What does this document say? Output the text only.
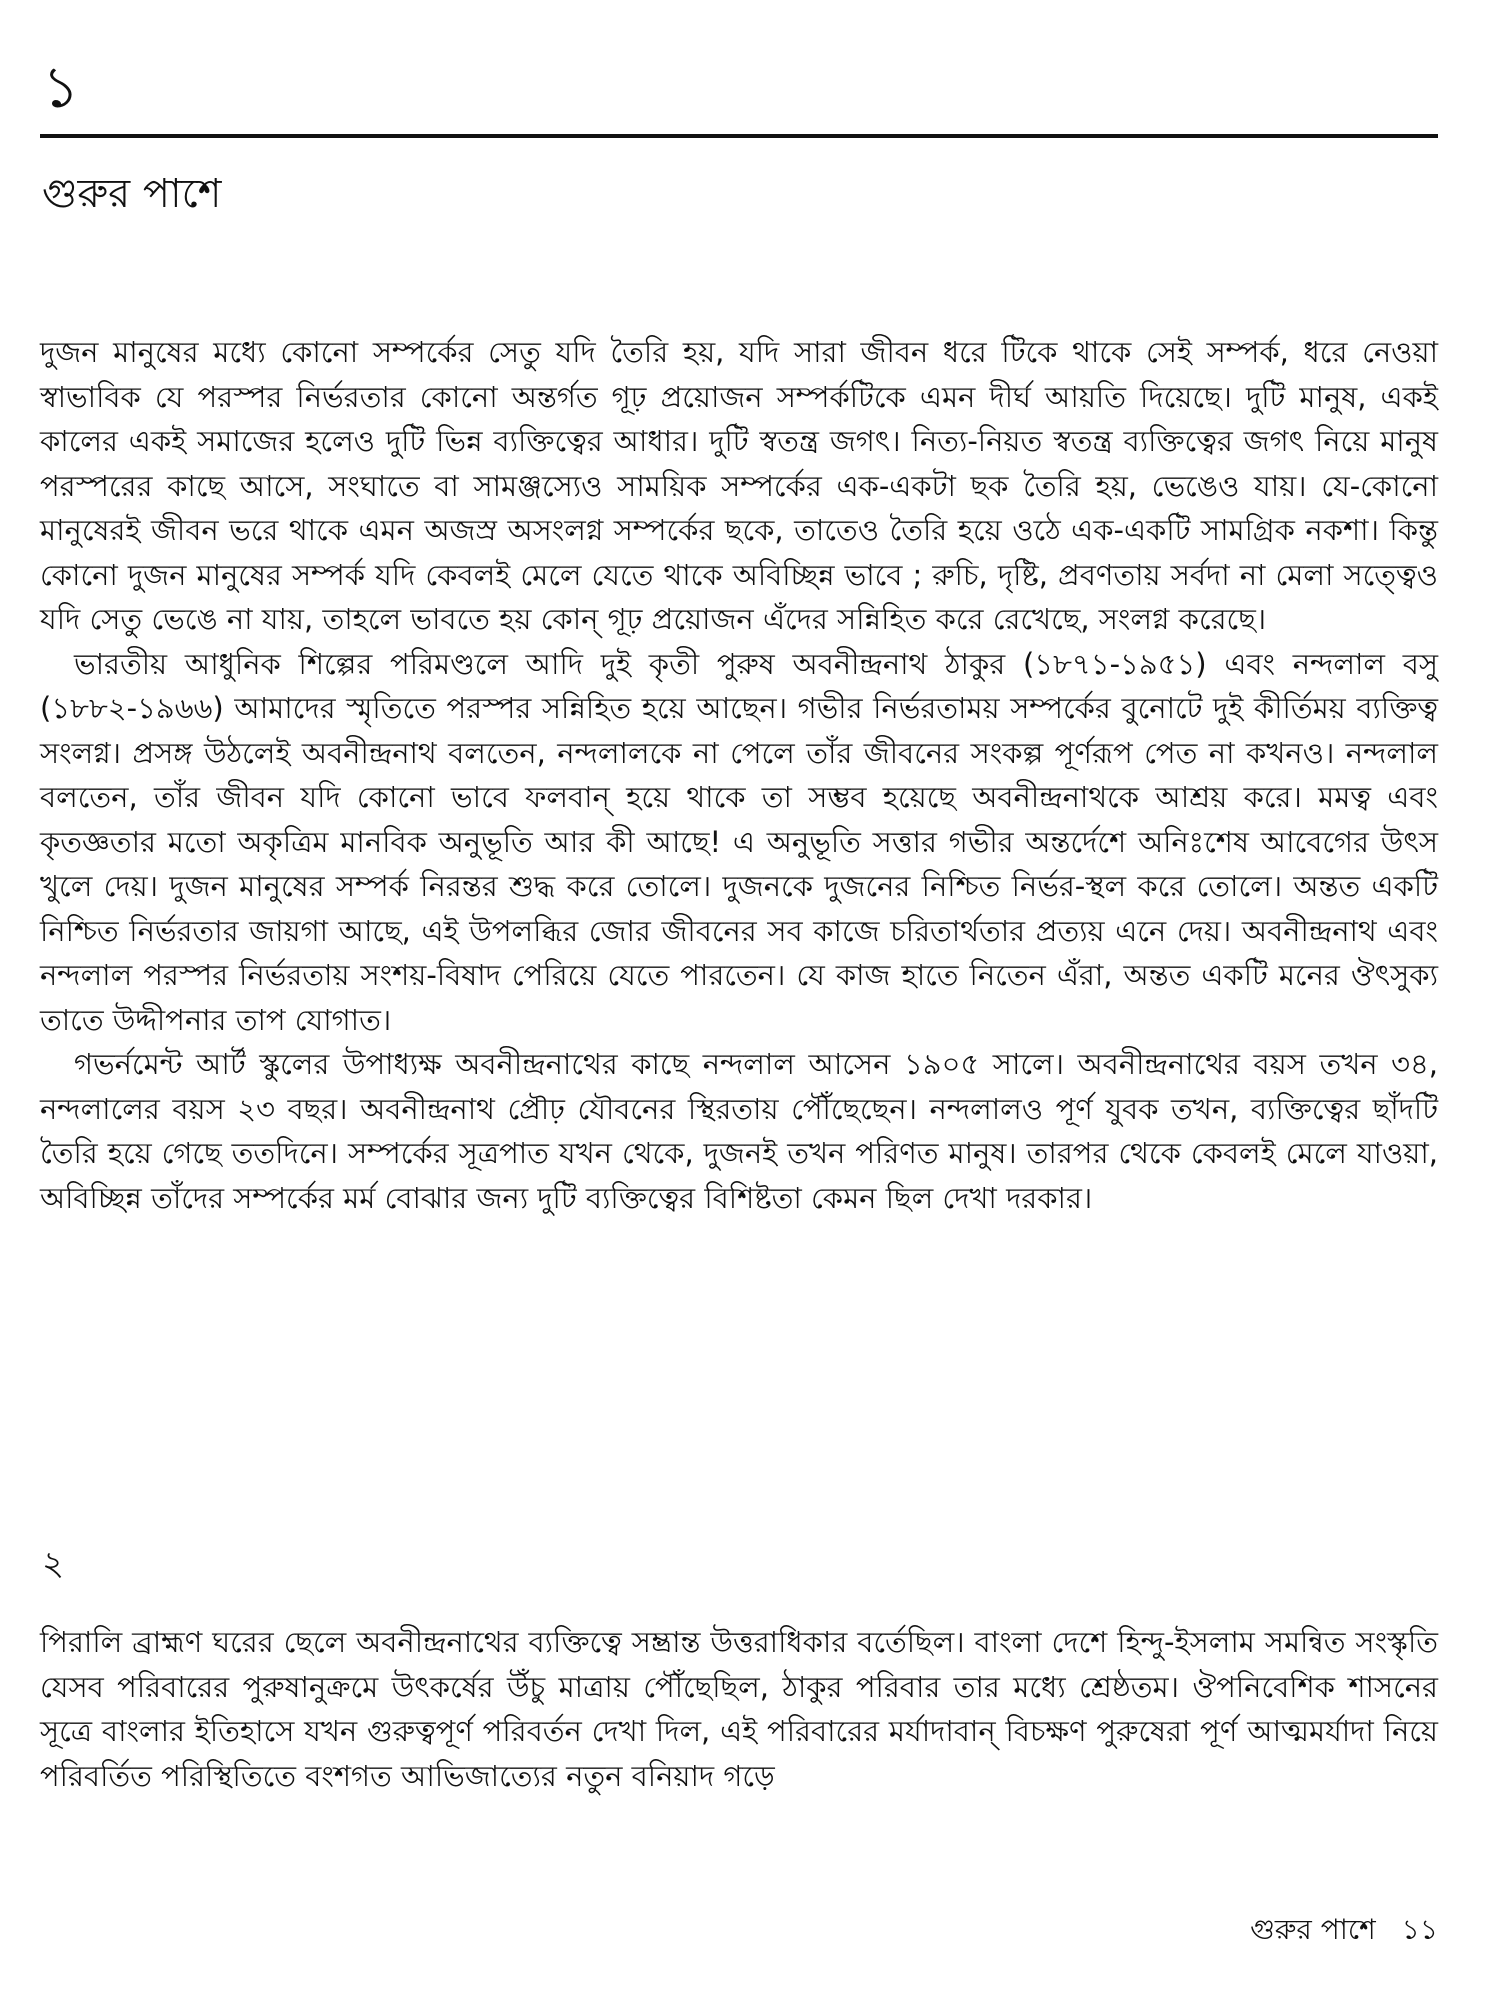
১
গুরুর পাশে

দুজন মানুষের মধ্যে কোনো সম্পর্কের সেতু যদি তৈরি হয়, যদি সারা জীবন ধরে টিকে থাকে সেই সম্পর্ক, ধরে নেওয়া স্বাভাবিক যে পরস্পর নির্ভরতার কোনো অন্তর্গত গূঢ় প্রয়োজন সম্পর্কটিকে এমন দীর্ঘ আয়তি দিয়েছে। দুটি মানুষ, একই কালের একই সমাজের হলেও দুটি ভিন্ন ব্যক্তিত্বের আধার। দুটি স্বতন্ত্র জগৎ। নিত্য-নিয়ত স্বতন্ত্র ব্যক্তিত্বের জগৎ নিয়ে মানুষ পরস্পরের কাছে আসে, সংঘাতে বা সামঞ্জস্যেও সাময়িক সম্পর্কের এক-একটা ছক তৈরি হয়, ভেঙেও যায়। যে-কোনো মানুষেরই জীবন ভরে থাকে এমন অজস্র অসংলগ্ন সম্পর্কের ছকে, তাতেও তৈরি হয়ে ওঠে এক-একটি সামগ্রিক নকশা। কিন্তু কোনো দুজন মানুষের সম্পর্ক যদি কেবলই মেলে যেতে থাকে অবিচ্ছিন্ন ভাবে ; রুচি, দৃষ্টি, প্রবণতায় সর্বদা না মেলা সত্ত্বেও যদি সেতু ভেঙে না যায়, তাহলে ভাবতে হয় কোন্ গূঢ় প্রয়োজন এঁদের সন্নিহিত করে রেখেছে, সংলগ্ন করেছে।

ভারতীয় আধুনিক শিল্পের পরিমণ্ডলে আদি দুই কৃতী পুরুষ অবনীন্দ্রনাথ ঠাকুর (১৮৭১-১৯৫১) এবং নন্দলাল বসু (১৮৮২-১৯৬৬) আমাদের স্মৃতিতে পরস্পর সন্নিহিত হয়ে আছেন। গভীর নির্ভরতাময় সম্পর্কের বুনোটে দুই কীর্তিময় ব্যক্তিত্ব সংলগ্ন। প্রসঙ্গ উঠলেই অবনীন্দ্রনাথ বলতেন, নন্দলালকে না পেলে তাঁর জীবনের সংকল্প পূর্ণরূপ পেত না কখনও। নন্দলাল বলতেন, তাঁর জীবন যদি কোনো ভাবে ফলবান্ হয়ে থাকে তা সম্ভব হয়েছে অবনীন্দ্রনাথকে আশ্রয় করে। মমত্ব এবং কৃতজ্ঞতার মতো অকৃত্রিম মানবিক অনুভূতি আর কী আছে! এ অনুভূতি সত্তার গভীর অন্তর্দেশে অনিঃশেষ আবেগের উৎস খুলে দেয়। দুজন মানুষের সম্পর্ক নিরন্তর শুদ্ধ করে তোলে। দুজনকে দুজনের নিশ্চিত নির্ভর-স্থল করে তোলে। অন্তত একটি নিশ্চিত নির্ভরতার জায়গা আছে, এই উপলব্ধির জোর জীবনের সব কাজে চরিতার্থতার প্রত্যয় এনে দেয়। অবনীন্দ্রনাথ এবং নন্দলাল পরস্পর নির্ভরতায় সংশয়-বিষাদ পেরিয়ে যেতে পারতেন। যে কাজ হাতে নিতেন এঁরা, অন্তত একটি মনের ঔৎসুক্য তাতে উদ্দীপনার তাপ যোগাত।

গভর্নমেন্ট আর্ট স্কুলের উপাধ্যক্ষ অবনীন্দ্রনাথের কাছে নন্দলাল আসেন ১৯০৫ সালে। অবনীন্দ্রনাথের বয়স তখন ৩৪, নন্দলালের বয়স ২৩ বছর। অবনীন্দ্রনাথ প্রৌঢ় যৌবনের স্থিরতায় পৌঁছেছেন। নন্দলালও পূর্ণ যুবক তখন, ব্যক্তিত্বের ছাঁদটি তৈরি হয়ে গেছে ততদিনে। সম্পর্কের সূত্রপাত যখন থেকে, দুজনই তখন পরিণত মানুষ। তারপর থেকে কেবলই মেলে যাওয়া, অবিচ্ছিন্ন তাঁদের সম্পর্কের মর্ম বোঝার জন্য দুটি ব্যক্তিত্বের বিশিষ্টতা কেমন ছিল দেখা দরকার।

২

পিরালি ব্রাহ্মণ ঘরের ছেলে অবনীন্দ্রনাথের ব্যক্তিত্বে সম্ভ্রান্ত উত্তরাধিকার বর্তেছিল। বাংলা দেশে হিন্দু-ইসলাম সমন্বিত সংস্কৃতি যেসব পরিবারের পুরুষানুক্রমে উৎকর্ষের উঁচু মাত্রায় পৌঁছেছিল, ঠাকুর পরিবার তার মধ্যে শ্রেষ্ঠতম। ঔপনিবেশিক শাসনের সূত্রে বাংলার ইতিহাসে যখন গুরুত্বপূর্ণ পরিবর্তন দেখা দিল, এই পরিবারের মর্যাদাবান্ বিচক্ষণ পুরুষেরা পূর্ণ আত্মমর্যাদা নিয়ে পরিবর্তিত পরিস্থিতিতে বংশগত আভিজাত্যের নতুন বনিয়াদ গড়ে

গুরুর পাশে ১১
